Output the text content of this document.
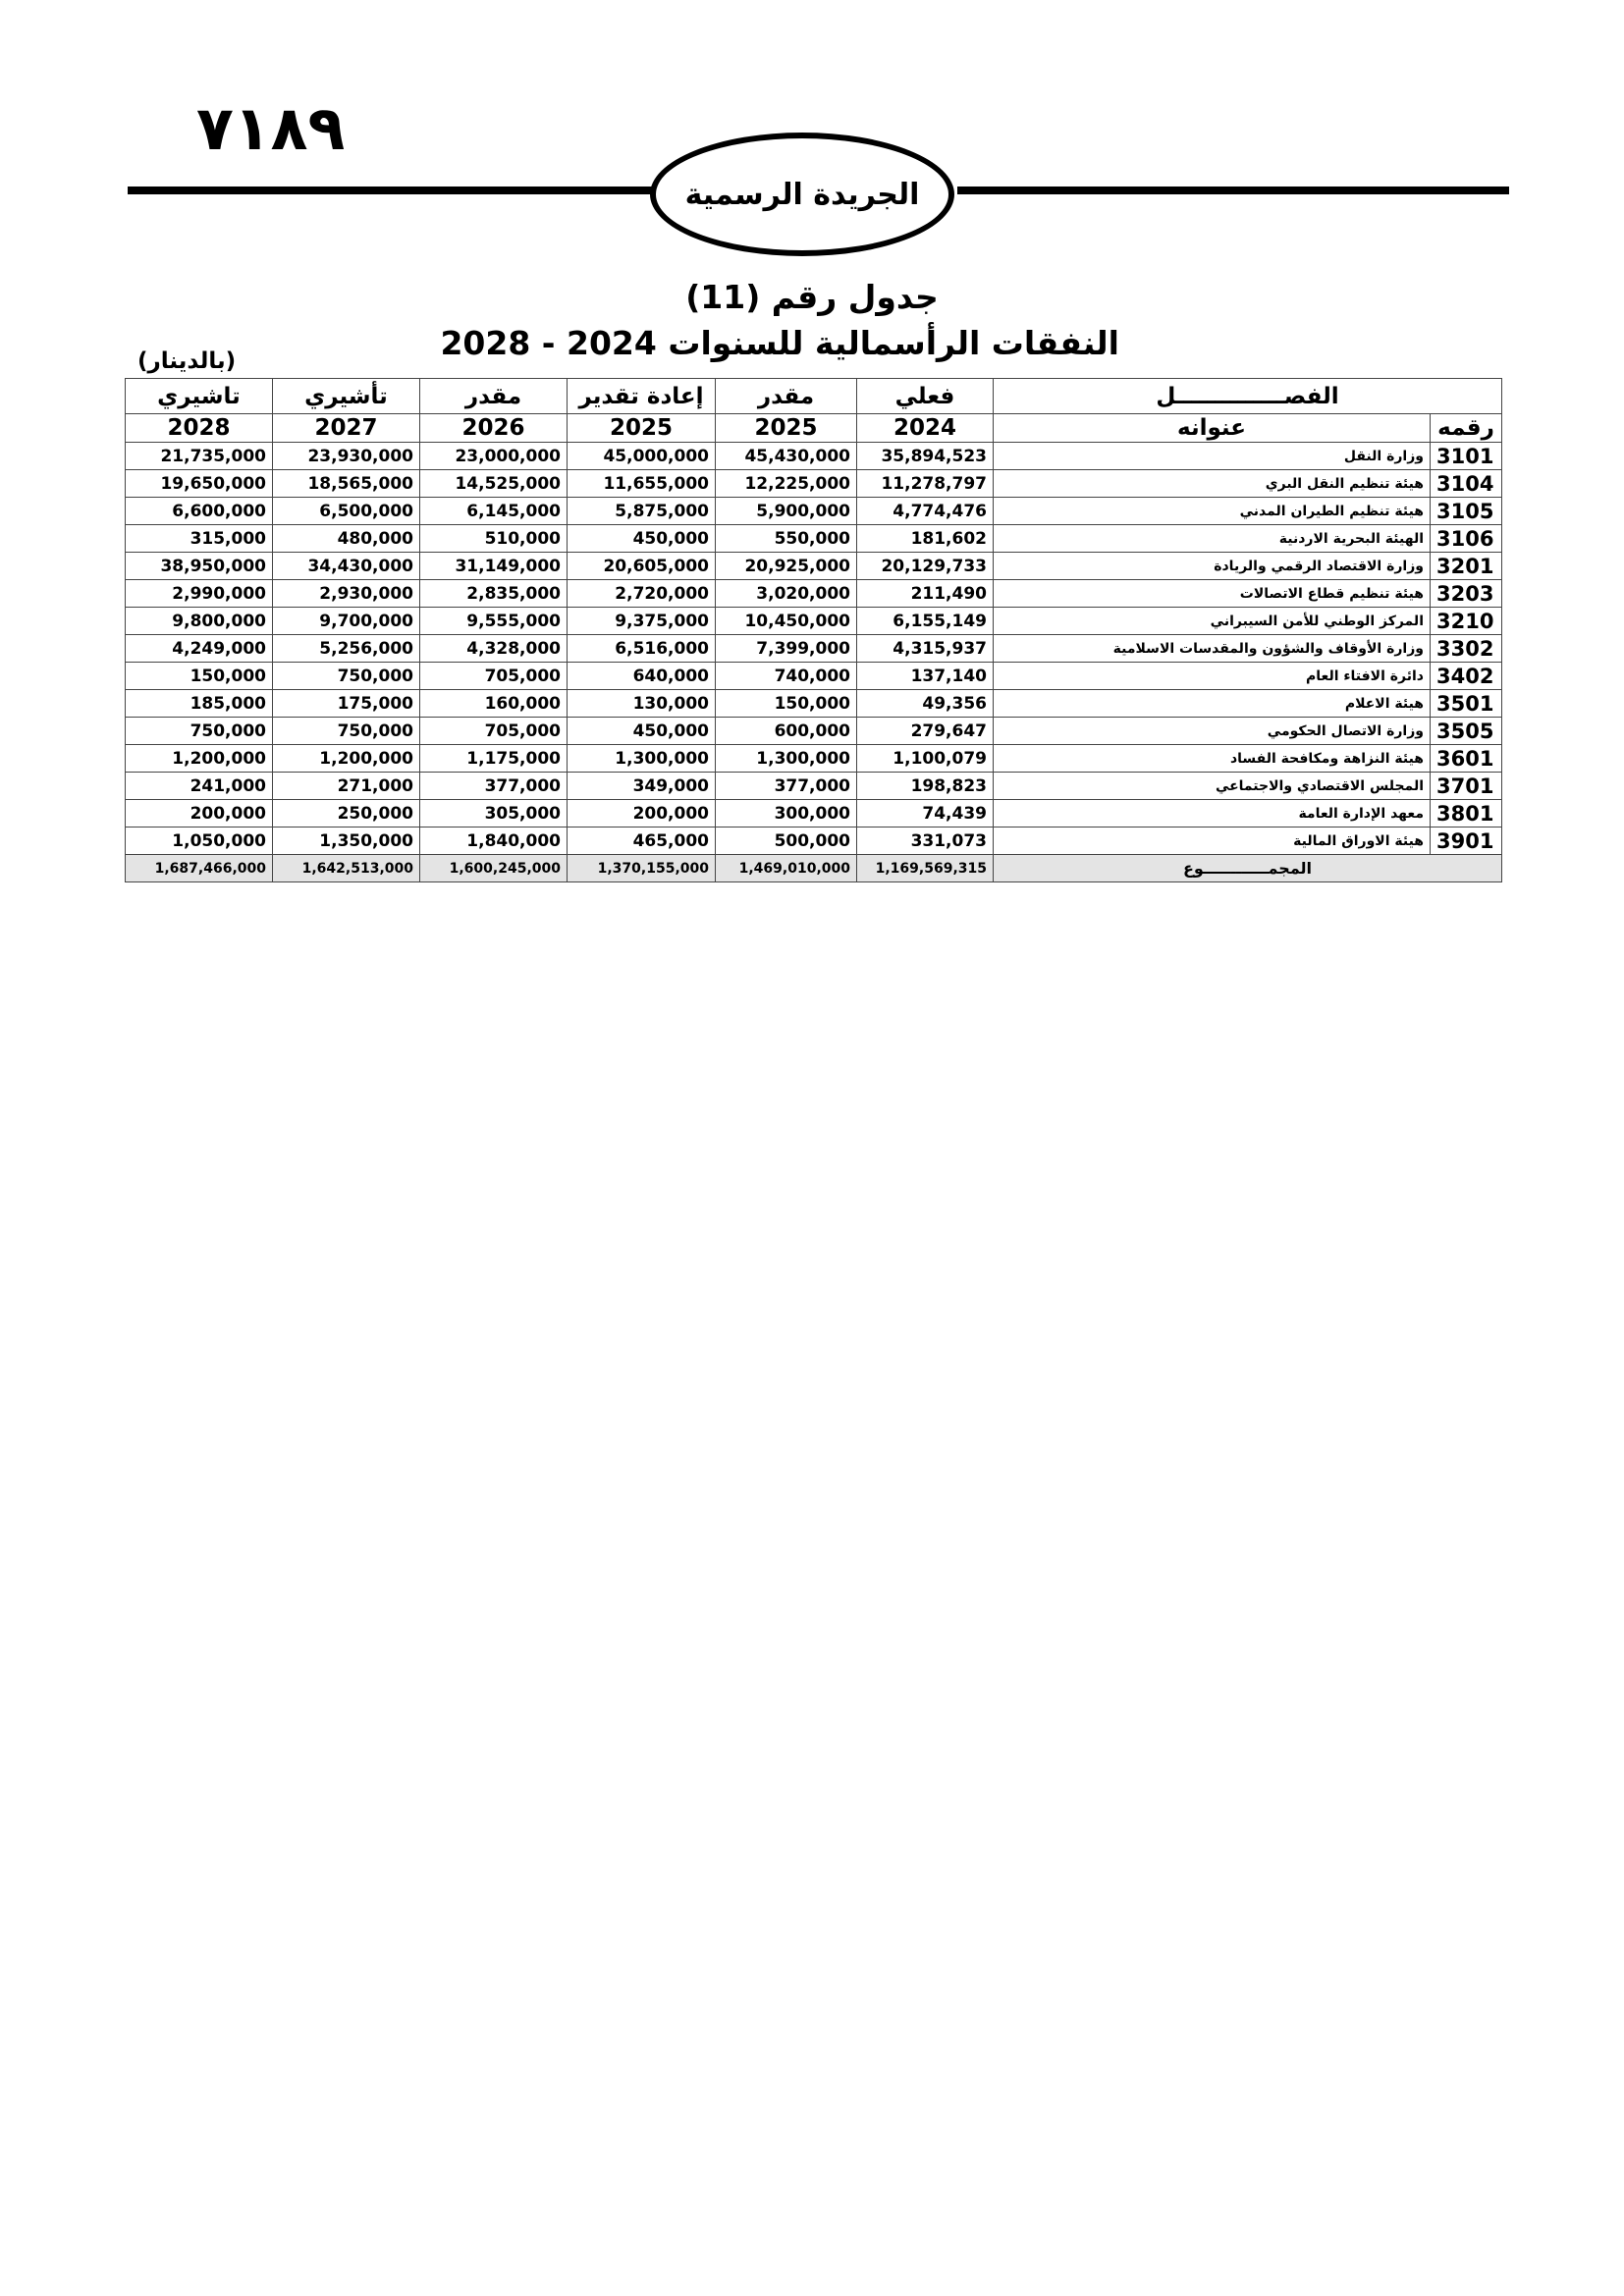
٧١٨٩
الجريدة الرسمية
جدول رقم (11)
النفقات الرأسمالية للسنوات 2024 - 2028
(بالدينار)
تاشيري	تأشيري	مقدر	إعادة تقدير	مقدر	فعلي	الفصــــــــــــــل	
2028	2027	2026	2025	2025	2024	عنوانه	رقمه
21,735,000	23,930,000	23,000,000	45,000,000	45,430,000	35,894,523	وزارة النقل	3101
19,650,000	18,565,000	14,525,000	11,655,000	12,225,000	11,278,797	هيئة تنظيم النقل البري	3104
6,600,000	6,500,000	6,145,000	5,875,000	5,900,000	4,774,476	هيئة تنظيم الطيران المدني	3105
315,000	480,000	510,000	450,000	550,000	181,602	الهيئة البحرية الاردنية	3106
38,950,000	34,430,000	31,149,000	20,605,000	20,925,000	20,129,733	وزارة الاقتصاد الرقمي والريادة	3201
2,990,000	2,930,000	2,835,000	2,720,000	3,020,000	211,490	هيئة تنظيم قطاع الاتصالات	3203
9,800,000	9,700,000	9,555,000	9,375,000	10,450,000	6,155,149	المركز الوطني للأمن السيبراني	3210
4,249,000	5,256,000	4,328,000	6,516,000	7,399,000	4,315,937	وزارة الأوقاف والشؤون والمقدسات الاسلامية	3302
150,000	750,000	705,000	640,000	740,000	137,140	دائرة الافتاء العام	3402
185,000	175,000	160,000	130,000	150,000	49,356	هيئة الاعلام	3501
750,000	750,000	705,000	450,000	600,000	279,647	وزارة الاتصال الحكومي	3505
1,200,000	1,200,000	1,175,000	1,300,000	1,300,000	1,100,079	هيئة النزاهة ومكافحة الفساد	3601
241,000	271,000	377,000	349,000	377,000	198,823	المجلس الاقتصادي والاجتماعي	3701
200,000	250,000	305,000	200,000	300,000	74,439	معهد الإدارة العامة	3801
1,050,000	1,350,000	1,840,000	465,000	500,000	331,073	هيئة الاوراق المالية	3901
1,687,466,000	1,642,513,000	1,600,245,000	1,370,155,000	1,469,010,000	1,169,569,315	المجمــــــــــــوع	
